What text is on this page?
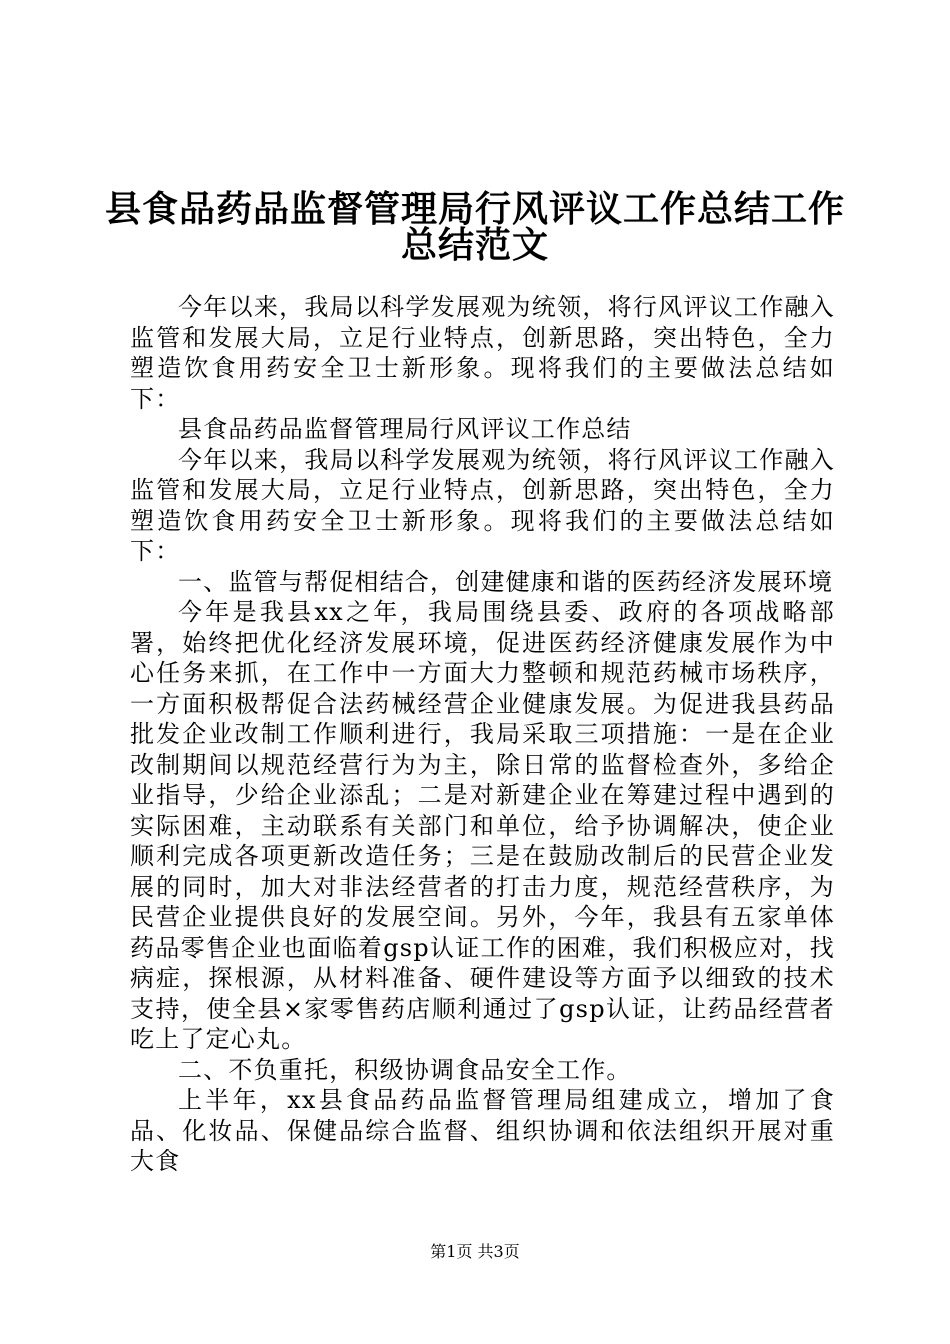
县食品药品监督管理局行风评议工作总结工作
总结范文

今年以来，我局以科学发展观为统领，将行风评议工作融入监管和发展大局，立足行业特点，创新思路，突出特色，全力塑造饮食用药安全卫士新形象。现将我们的主要做法总结如下：

县食品药品监督管理局行风评议工作总结

今年以来，我局以科学发展观为统领，将行风评议工作融入监管和发展大局，立足行业特点，创新思路，突出特色，全力塑造饮食用药安全卫士新形象。现将我们的主要做法总结如下：

一、监管与帮促相结合，创建健康和谐的医药经济发展环境

今年是我县xx之年，我局围绕县委、政府的各项战略部署，始终把优化经济发展环境，促进医药经济健康发展作为中心任务来抓，在工作中一方面大力整顿和规范药械市场秩序，一方面积极帮促合法药械经营企业健康发展。为促进我县药品批发企业改制工作顺利进行，我局采取三项措施：一是在企业改制期间以规范经营行为为主，除日常的监督检查外，多给企业指导，少给企业添乱；二是对新建企业在筹建过程中遇到的实际困难，主动联系有关部门和单位，给予协调解决，使企业顺利完成各项更新改造任务；三是在鼓励改制后的民营企业发展的同时，加大对非法经营者的打击力度，规范经营秩序，为民营企业提供良好的发展空间。另外，今年，我县有五家单体药品零售企业也面临着gsp认证工作的困难，我们积极应对，找病症，探根源，从材料准备、硬件建设等方面予以细致的技术支持，使全县×家零售药店顺利通过了gsp认证，让药品经营者吃上了定心丸。

二、不负重托，积级协调食品安全工作。

上半年，xx县食品药品监督管理局组建成立，增加了食品、化妆品、保健品综合监督、组织协调和依法组织开展对重大食

第1页 共3页
